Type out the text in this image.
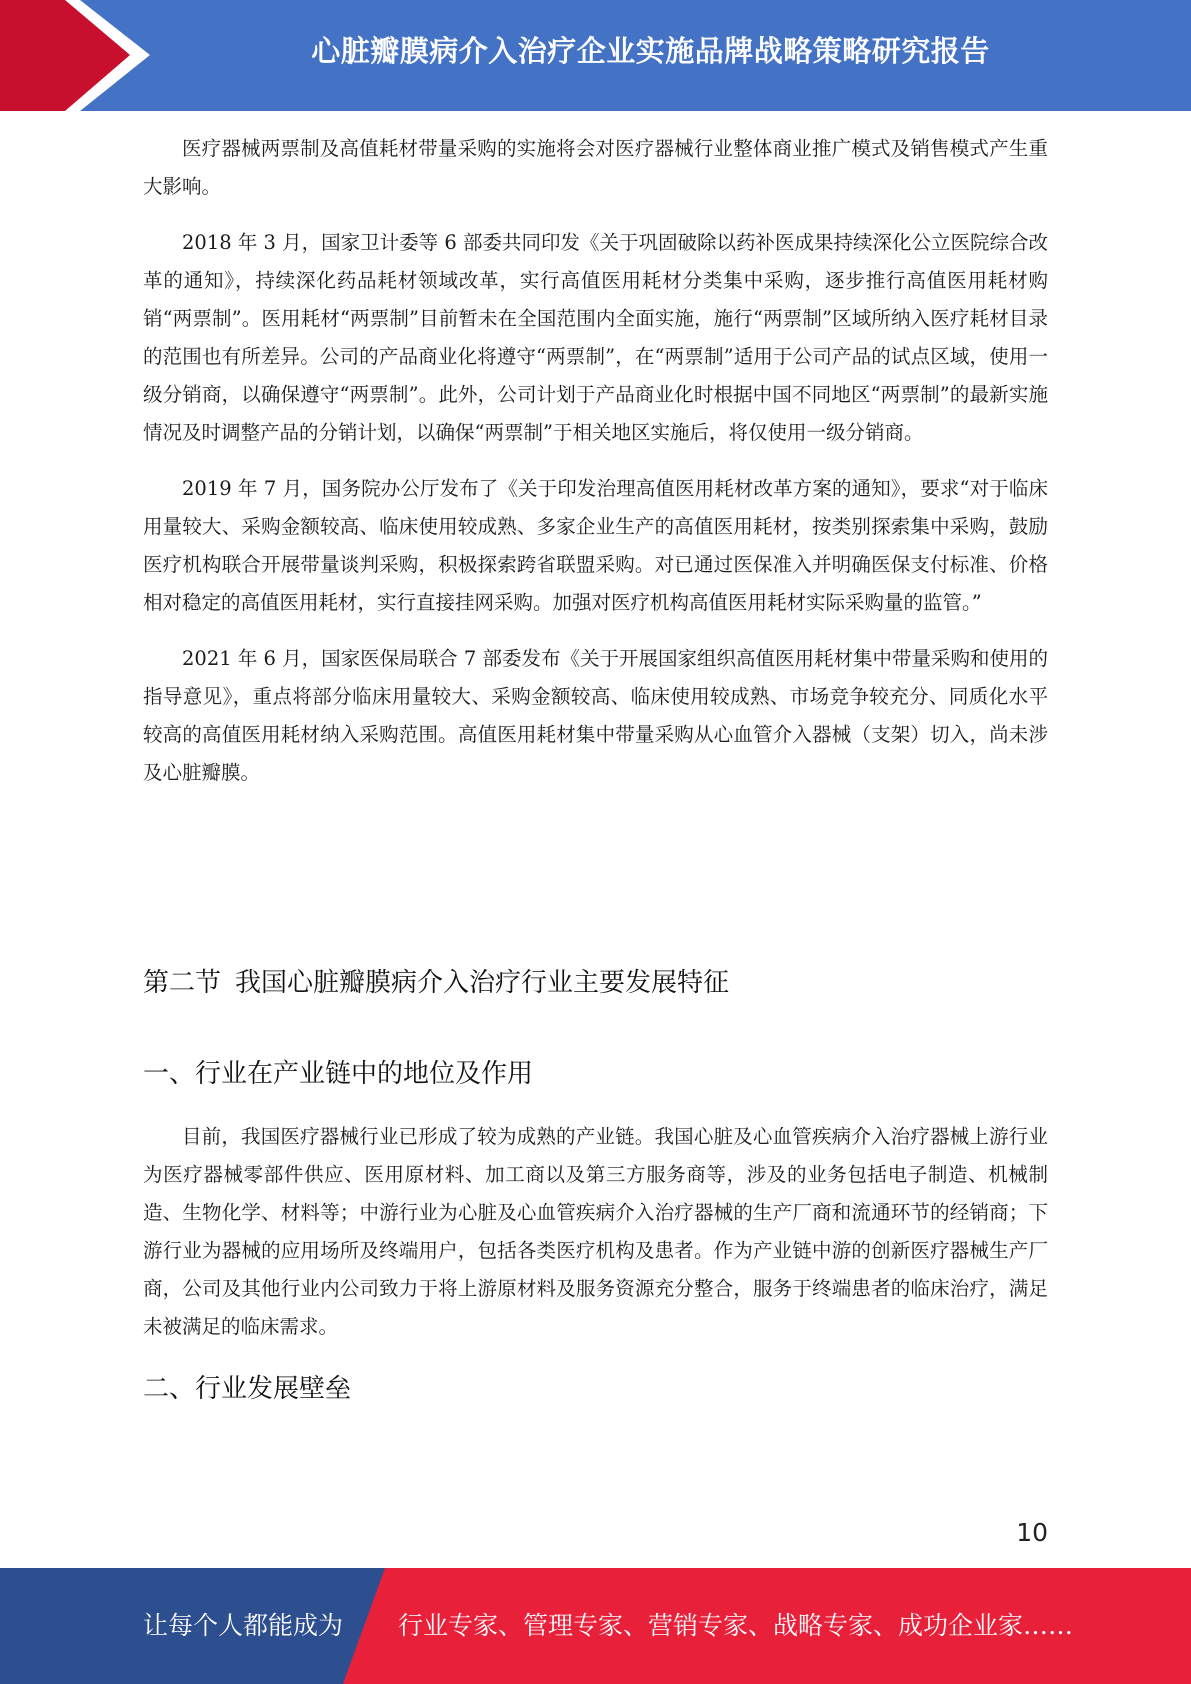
心脏瓣膜病介入治疗企业实施品牌战略策略研究报告

医疗器械两票制及高值耗材带量采购的实施将会对医疗器械行业整体商业推广模式及销售模式产生重大影响。

2018 年 3 月，国家卫计委等 6 部委共同印发《关于巩固破除以药补医成果持续深化公立医院综合改革的通知》，持续深化药品耗材领域改革，实行高值医用耗材分类集中采购，逐步推行高值医用耗材购销“两票制”。医用耗材“两票制”目前暂未在全国范围内全面实施，施行“两票制”区域所纳入医疗耗材目录的范围也有所差异。公司的产品商业化将遵守“两票制”，在“两票制”适用于公司产品的试点区域，使用一级分销商，以确保遵守“两票制”。此外，公司计划于产品商业化时根据中国不同地区“两票制”的最新实施情况及时调整产品的分销计划，以确保“两票制”于相关地区实施后，将仅使用一级分销商。

2019 年 7 月，国务院办公厅发布了《关于印发治理高值医用耗材改革方案的通知》，要求“对于临床用量较大、采购金额较高、临床使用较成熟、多家企业生产的高值医用耗材，按类别探索集中采购，鼓励医疗机构联合开展带量谈判采购，积极探索跨省联盟采购。对已通过医保准入并明确医保支付标准、价格相对稳定的高值医用耗材，实行直接挂网采购。加强对医疗机构高值医用耗材实际采购量的监管。”

2021 年 6 月，国家医保局联合 7 部委发布《关于开展国家组织高值医用耗材集中带量采购和使用的指导意见》，重点将部分临床用量较大、采购金额较高、临床使用较成熟、市场竞争较充分、同质化水平较高的高值医用耗材纳入采购范围。高值医用耗材集中带量采购从心血管介入器械（支架）切入，尚未涉及心脏瓣膜。

第二节 我国心脏瓣膜病介入治疗行业主要发展特征
一、行业在产业链中的地位及作用

目前，我国医疗器械行业已形成了较为成熟的产业链。我国心脏及心血管疾病介入治疗器械上游行业为医疗器械零部件供应、医用原材料、加工商以及第三方服务商等，涉及的业务包括电子制造、机械制造、生物化学、材料等；中游行业为心脏及心血管疾病介入治疗器械的生产厂商和流通环节的经销商；下游行业为器械的应用场所及终端用户，包括各类医疗机构及患者。作为产业链中游的创新医疗器械生产厂商，公司及其他行业内公司致力于将上游原材料及服务资源充分整合，服务于终端患者的临床治疗，满足未被满足的临床需求。

二、行业发展壁垒
10
让每个人都能成为 行业专家、管理专家、营销专家、战略专家、成功企业家……
